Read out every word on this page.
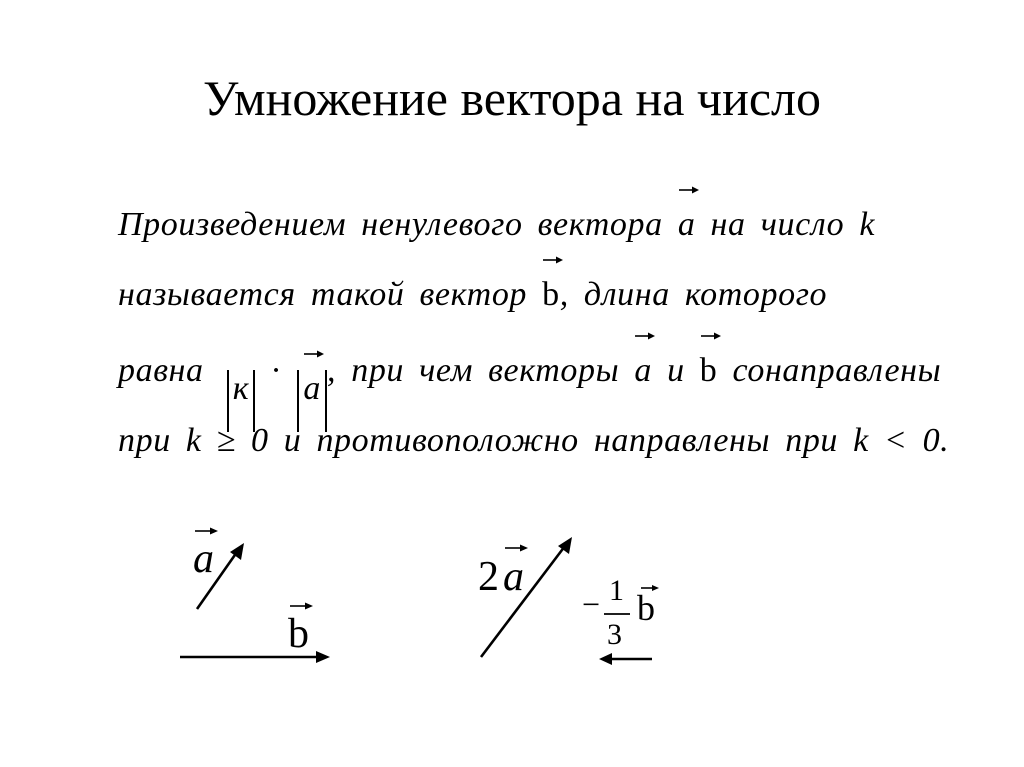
Умножение вектора на число
Произведением ненулевого вектора
a на число k
называется такой вектор
b, длина которого
равна к · a , при чем векторы
a и
b сонаправлены
при k ≥ 0 и противоположно направлены при k < 0.
a
b
2 a
− 1
3
b
